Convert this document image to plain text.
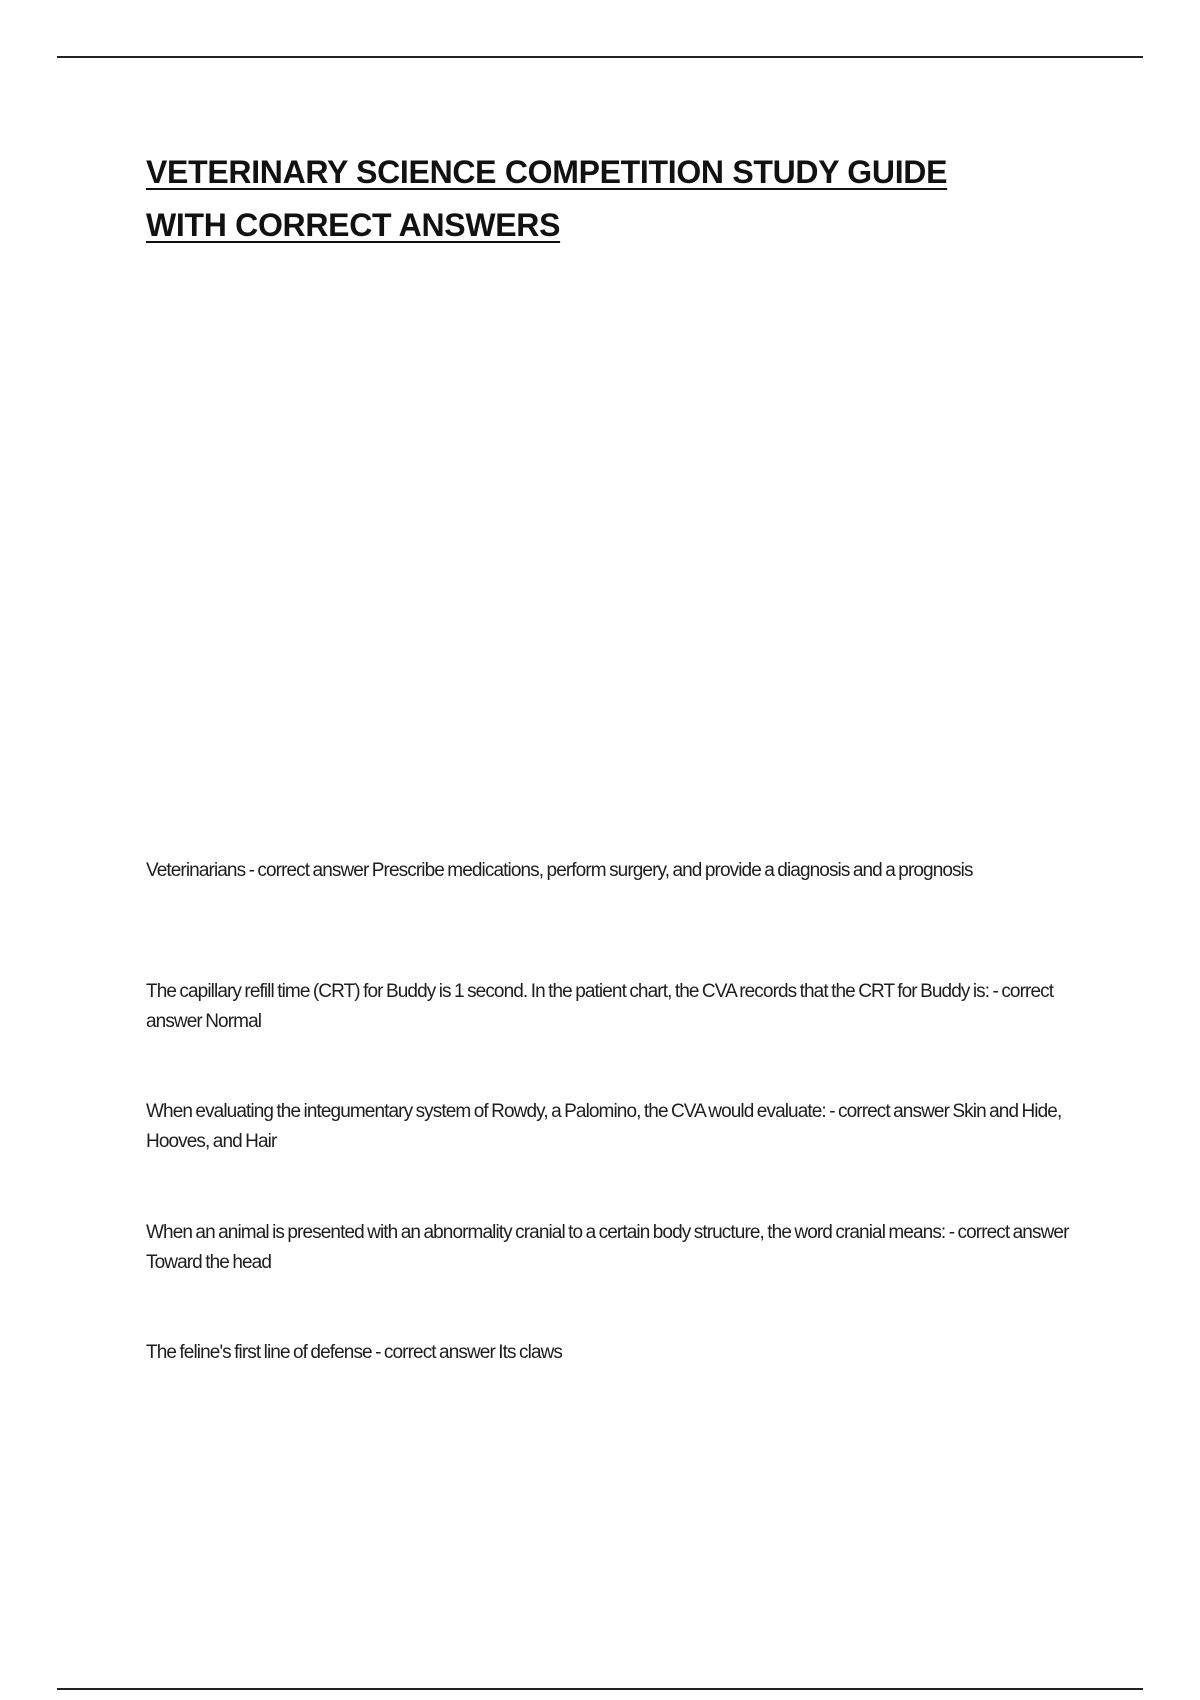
VETERINARY SCIENCE COMPETITION STUDY GUIDE
WITH CORRECT ANSWERS

Veterinarians - correct answer Prescribe medications, perform surgery, and provide a diagnosis and a prognosis

The capillary refill time (CRT) for Buddy is 1 second. In the patient chart, the CVA records that the CRT for Buddy is: - correct answer Normal

When evaluating the integumentary system of Rowdy, a Palomino, the CVA would evaluate: - correct answer Skin and Hide, Hooves, and Hair

When an animal is presented with an abnormality cranial to a certain body structure, the word cranial means: - correct answer Toward the head

The feline's first line of defense - correct answer Its claws
